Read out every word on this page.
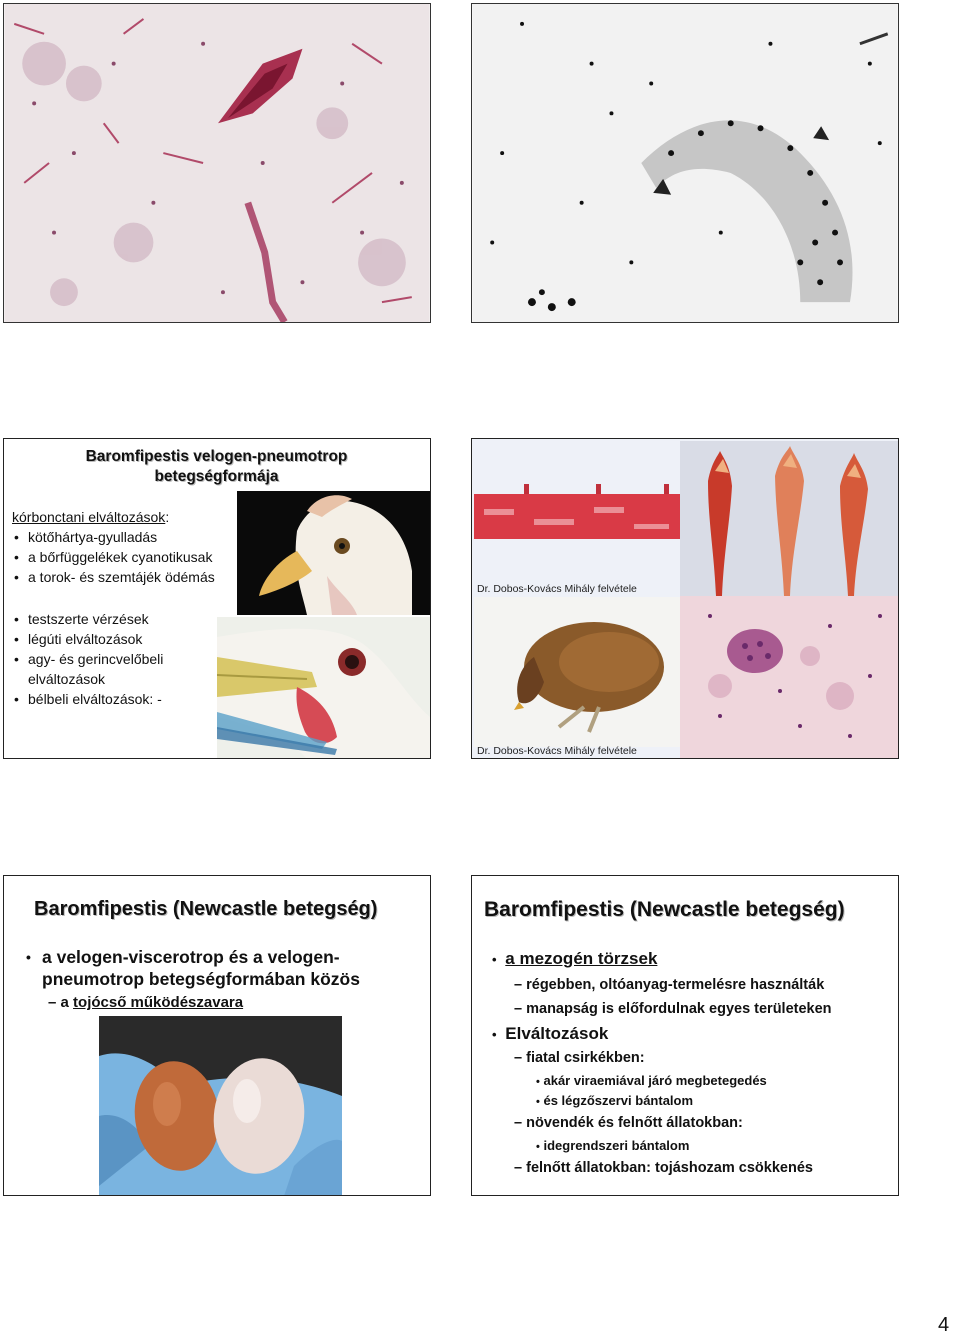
Baromfipestis velogen-pneumotrop betegségformája
kórbonctani elváltozások:
• kötőhártya-gyulladás
• a bőrfüggelékek cyanotikusak
• a torok- és szemtájék ödémás
• testszerte vérzések
• légúti elváltozások
• agy- és gerincvelőbeli elváltozások
• bélbeli elváltozások: -
Dr. Dobos-Kovács Mihály felvétele
Dr. Dobos-Kovács Mihály felvétele
Baromfipestis (Newcastle betegség)
• a velogen-viscerotrop és a velogen-pneumotrop betegségformában közös
– a tojócső működészavara
Baromfipestis (Newcastle betegség)
• a mezogén törzsek
– régebben, oltóanyag-termelésre használták
– manapság is előfordulnak egyes területeken
• Elváltozások
– fiatal csirkékben:
• akár viraemiával járó megbetegedés
• és légzőszervi bántalom
– növendék és felnőtt állatokban:
• idegrendszeri bántalom
– felnőtt állatokban: tojáshozam csökkenés
4
